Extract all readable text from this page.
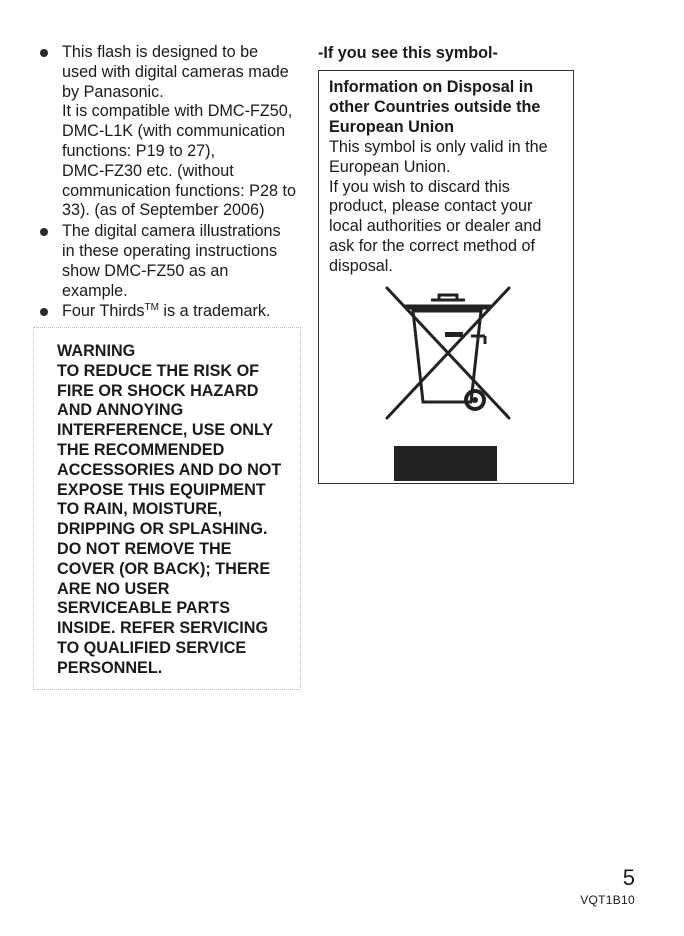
This flash is designed to be
used with digital cameras made
by Panasonic.
It is compatible with DMC-FZ50,
DMC-L1K (with communication
functions: P19 to 27),
DMC-FZ30 etc. (without
communication functions: P28 to
33). (as of September 2006)
The digital camera illustrations
in these operating instructions
show DMC-FZ50 as an
example.
Four Thirds™ is a trademark.
WARNING
TO REDUCE THE RISK OF
FIRE OR SHOCK HAZARD
AND ANNOYING
INTERFERENCE, USE ONLY
THE RECOMMENDED
ACCESSORIES AND DO NOT
EXPOSE THIS EQUIPMENT
TO RAIN, MOISTURE,
DRIPPING OR SPLASHING.
DO NOT REMOVE THE
COVER (OR BACK); THERE
ARE NO USER
SERVICEABLE PARTS
INSIDE. REFER SERVICING
TO QUALIFIED SERVICE
PERSONNEL.
-If you see this symbol-
Information on Disposal in
other Countries outside the
European Union
This symbol is only valid in the
European Union.
If you wish to discard this
product, please contact your
local authorities or dealer and
ask for the correct method of
disposal.
5
VQT1B10
